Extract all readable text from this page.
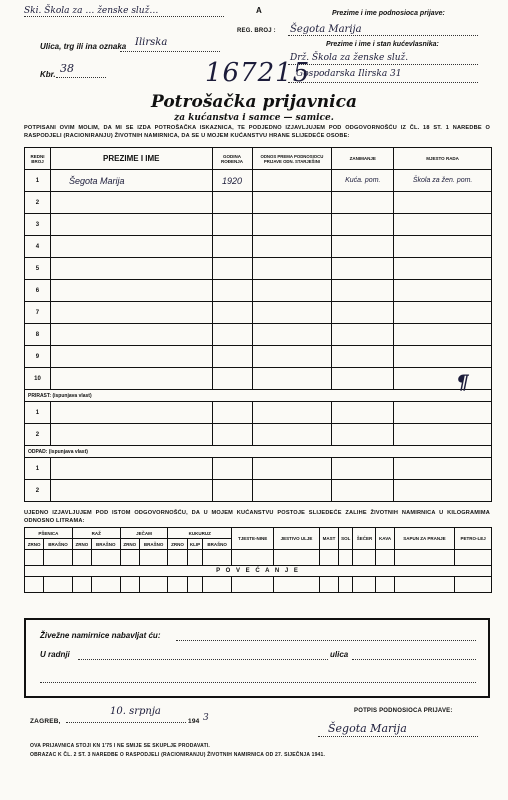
Ski. Škola za … ženske služ…	A
REG. BROJ :
Prezime i ime podnosioca prijave:
Šegota Marija
Ulica, trg ili ina oznaka Ilirska	Prezime i ime i stan kućevlasnika:
Drž. Škola za ženske služ.
Gospodarska Ilirska 31
Kbr. 38	167215
Potrošačka prijavnica
za kućanstva i samce — samice.
POTPISANI OVIM MOLIM, DA MI SE IZDA POTROŠAČKA ISKAZNICA, TE PODJEDNO IZJAVLJUJEM POD ODGOVORNOŠĆU IZ ČL. 18 ST. 1 NAREDBE O RASPODJELI (RACIONIRANJU) ŽIVOTNIH NAMIRNICA, DA SE U MOJEM KUĆANSTVU HRANE SLIJEDEĆE OSOBE:
REDNI BROJ	PREZIME I IME	GODINA ROĐENJA	ODNOS PREMA PODNOSIOCU PRIJAVE ODN. STARJEŠINI	ZANIMANJE	MJESTO RADA
1	Šegota Marija	1920		Kuća. pom.	Škola za žen. pom.
2					
3					
4					
5					
6					
7					
8					
9					
10					
PRIRAST: (ispunjava vlast)					
1					
2					
ODPAD: (ispunjava vlast)					
1					
2					
¶
UJEDNO IZJAVLJUJEM POD ISTOM ODGOVORNOŠĆU, DA U MOJEM KUĆANSTVU POSTOJE SLIJEDEĆE ZALIHE ŽIVOTNIH NAMIRNICA U KILOGRAMIMA ODNOSNO LITRAMA:
PŠENICA		RAŽ		JEČAM		KUKURUZ			TJESTE-NINE	JESTIVO ULJE	MAST	SOL	ŠEĆER	KAVA	SAPUN ZA PRANJE	PETRO-LEJ
ZRNO	BRAŠNO	ZRNO	BRAŠNO	ZRNO	BRAŠNO	ZRNO	KLIP	BRAŠNO								

P O V E Ć A N J E																

Živežne namirnice nabavljat ću:
U radnji	ulica
POTPIS PODNOSIOCA PRIJAVE:
ZAGREB,
10. srpnja
194 3
Šegota Marija
OVA PRIJAVNICA STOJI KN 1'75 I NE SMIJE SE SKUPLJE PRODAVATI.
OBRAZAC K ČL. 2 ST. 3 NAREDBE O RASPODJELI (RACIONIRANJU) ŽIVOTNIH NAMIRNICA OD 27. SIJEČNJA 1941.
